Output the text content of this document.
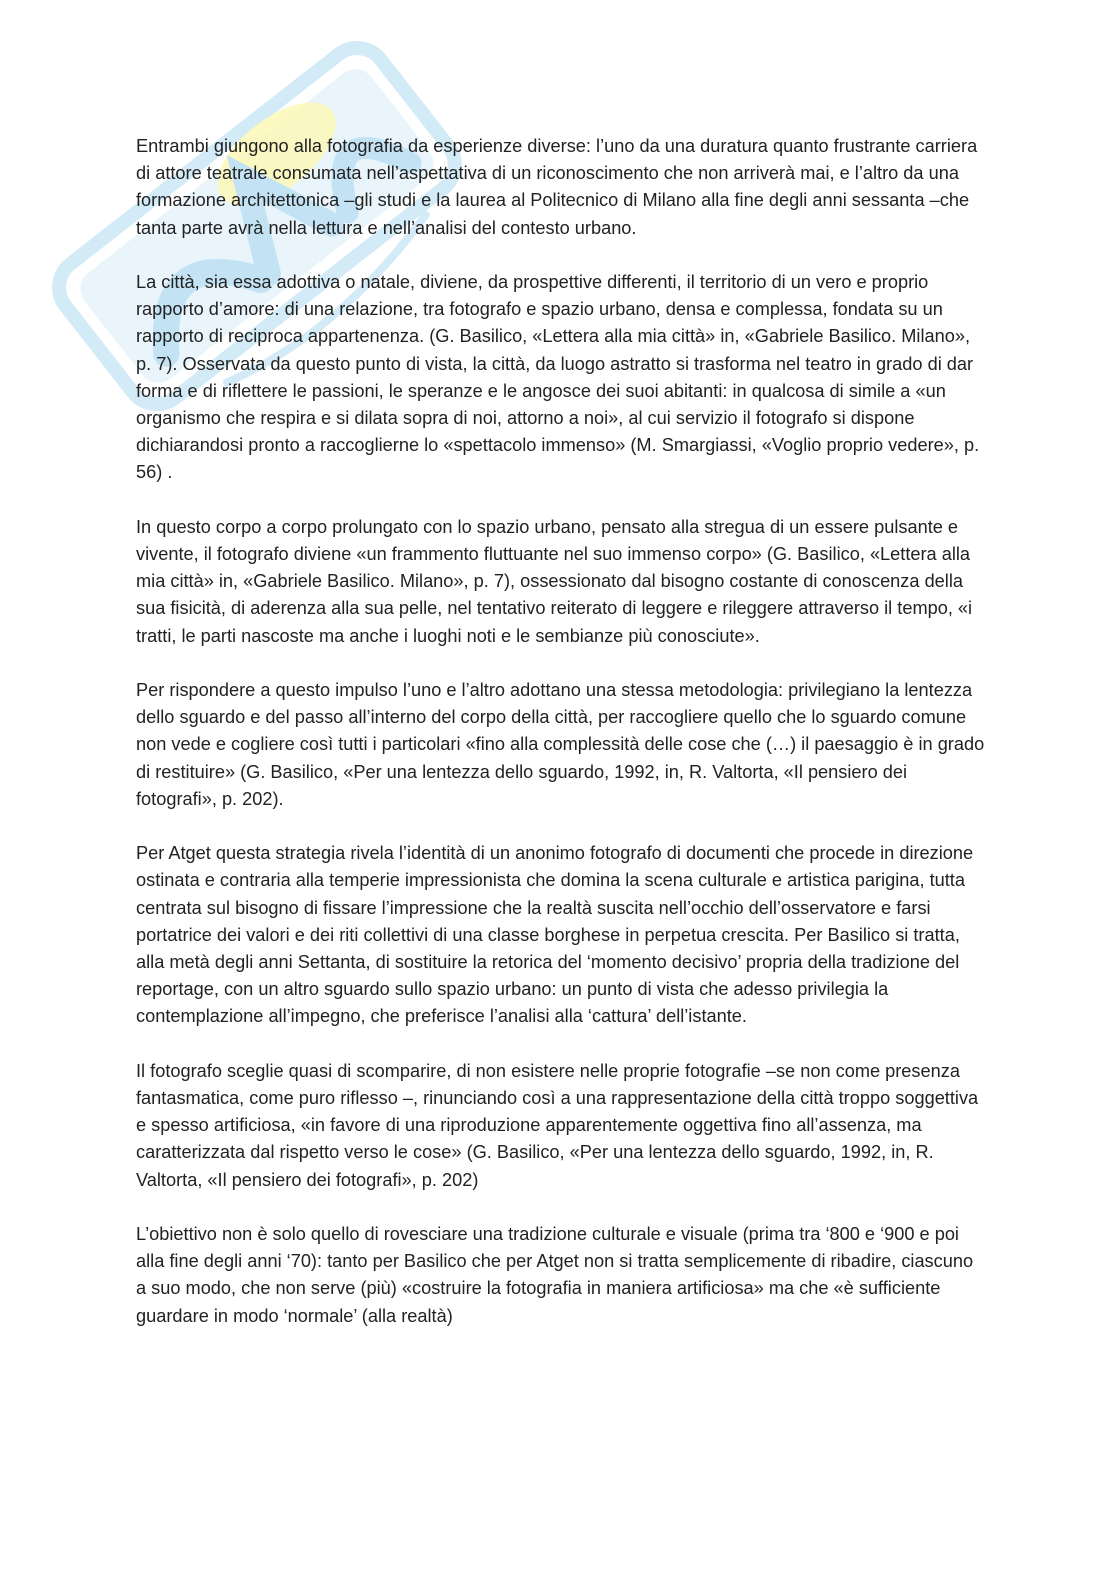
Entrambi giungono alla fotografia da esperienze diverse: l’uno da una duratura quanto frustrante carriera di attore teatrale consumata nell’aspettativa di un riconoscimento che non arriverà mai, e l’altro da una formazione architettonica –gli studi e la laurea al Politecnico di Milano alla fine degli anni sessanta –che tanta parte avrà nella lettura e nell’analisi del contesto urbano.

La città, sia essa adottiva o natale, diviene, da prospettive differenti, il territorio di un vero e proprio rapporto d’amore: di una relazione, tra fotografo e spazio urbano, densa e complessa, fondata su un rapporto di reciproca appartenenza. (G. Basilico, «Lettera alla mia città» in, «Gabriele Basilico. Milano», p. 7). Osservata da questo punto di vista, la città, da luogo astratto si trasforma nel teatro in grado di dar forma e di riflettere le passioni, le speranze e le angosce dei suoi abitanti: in qualcosa di simile a «un organismo che respira e si dilata sopra di noi, attorno a noi», al cui servizio il fotografo si dispone dichiarandosi pronto a raccoglierne lo «spettacolo immenso» (M. Smargiassi, «Voglio proprio vedere», p. 56) .

In questo corpo a corpo prolungato con lo spazio urbano, pensato alla stregua di un essere pulsante e vivente, il fotografo diviene «un frammento fluttuante nel suo immenso corpo» (G. Basilico, «Lettera alla mia città» in, «Gabriele Basilico. Milano», p. 7), ossessionato dal bisogno costante di conoscenza della sua fisicità, di aderenza alla sua pelle, nel tentativo reiterato di leggere e rileggere attraverso il tempo, «i tratti, le parti nascoste ma anche i luoghi noti e le sembianze più conosciute».

Per rispondere a questo impulso l’uno e l’altro adottano una stessa metodologia: privilegiano la lentezza dello sguardo e del passo all’interno del corpo della città, per raccogliere quello che lo sguardo comune non vede e cogliere così tutti i particolari «fino alla complessità delle cose che (…) il paesaggio è in grado di restituire» (G. Basilico, «Per una lentezza dello sguardo, 1992, in, R. Valtorta, «Il pensiero dei fotografi», p. 202).

Per Atget questa strategia rivela l’identità di un anonimo fotografo di documenti che procede in direzione ostinata e contraria alla temperie impressionista che domina la scena culturale e artistica parigina, tutta centrata sul bisogno di fissare l’impressione che la realtà suscita nell’occhio dell’osservatore e farsi portatrice dei valori e dei riti collettivi di una classe borghese in perpetua crescita. Per Basilico si tratta, alla metà degli anni Settanta, di sostituire la retorica del ‘momento decisivo’ propria della tradizione del reportage, con un altro sguardo sullo spazio urbano: un punto di vista che adesso privilegia la contemplazione all’impegno, che preferisce l’analisi alla ‘cattura’ dell’istante.

Il fotografo sceglie quasi di scomparire, di non esistere nelle proprie fotografie –se non come presenza fantasmatica, come puro riflesso –, rinunciando così a una rappresentazione della città troppo soggettiva e spesso artificiosa, «in favore di una riproduzione apparentemente oggettiva fino all’assenza, ma caratterizzata dal rispetto verso le cose» (G. Basilico, «Per una lentezza dello sguardo, 1992, in, R. Valtorta, «Il pensiero dei fotografi», p. 202)

L’obiettivo non è solo quello di rovesciare una tradizione culturale e visuale (prima tra ‘800 e ‘900 e poi alla fine degli anni ‘70): tanto per Basilico che per Atget non si tratta semplicemente di ribadire, ciascuno a suo modo, che non serve (più) «costruire la fotografia in maniera artificiosa» ma che «è sufficiente guardare in modo ‘normale’ (alla realtà)
